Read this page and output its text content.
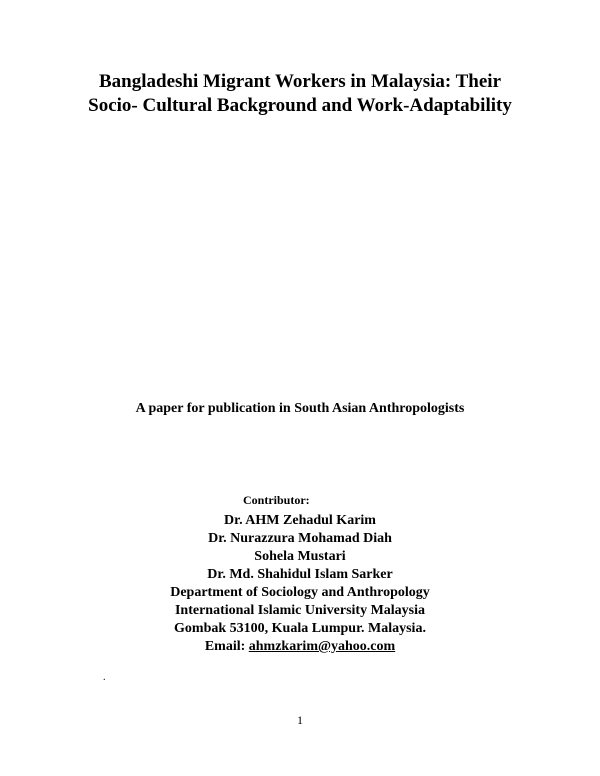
Bangladeshi Migrant Workers in Malaysia: Their
Socio- Cultural Background and Work-Adaptability
A paper for publication in South Asian Anthropologists
Contributor:
Dr. AHM Zehadul Karim
Dr. Nurazzura Mohamad Diah
Sohela Mustari
Dr. Md. Shahidul Islam Sarker
Department of Sociology and Anthropology
International Islamic University Malaysia
Gombak 53100, Kuala Lumpur. Malaysia.
Email: ahmzkarim@yahoo.com
.
1
